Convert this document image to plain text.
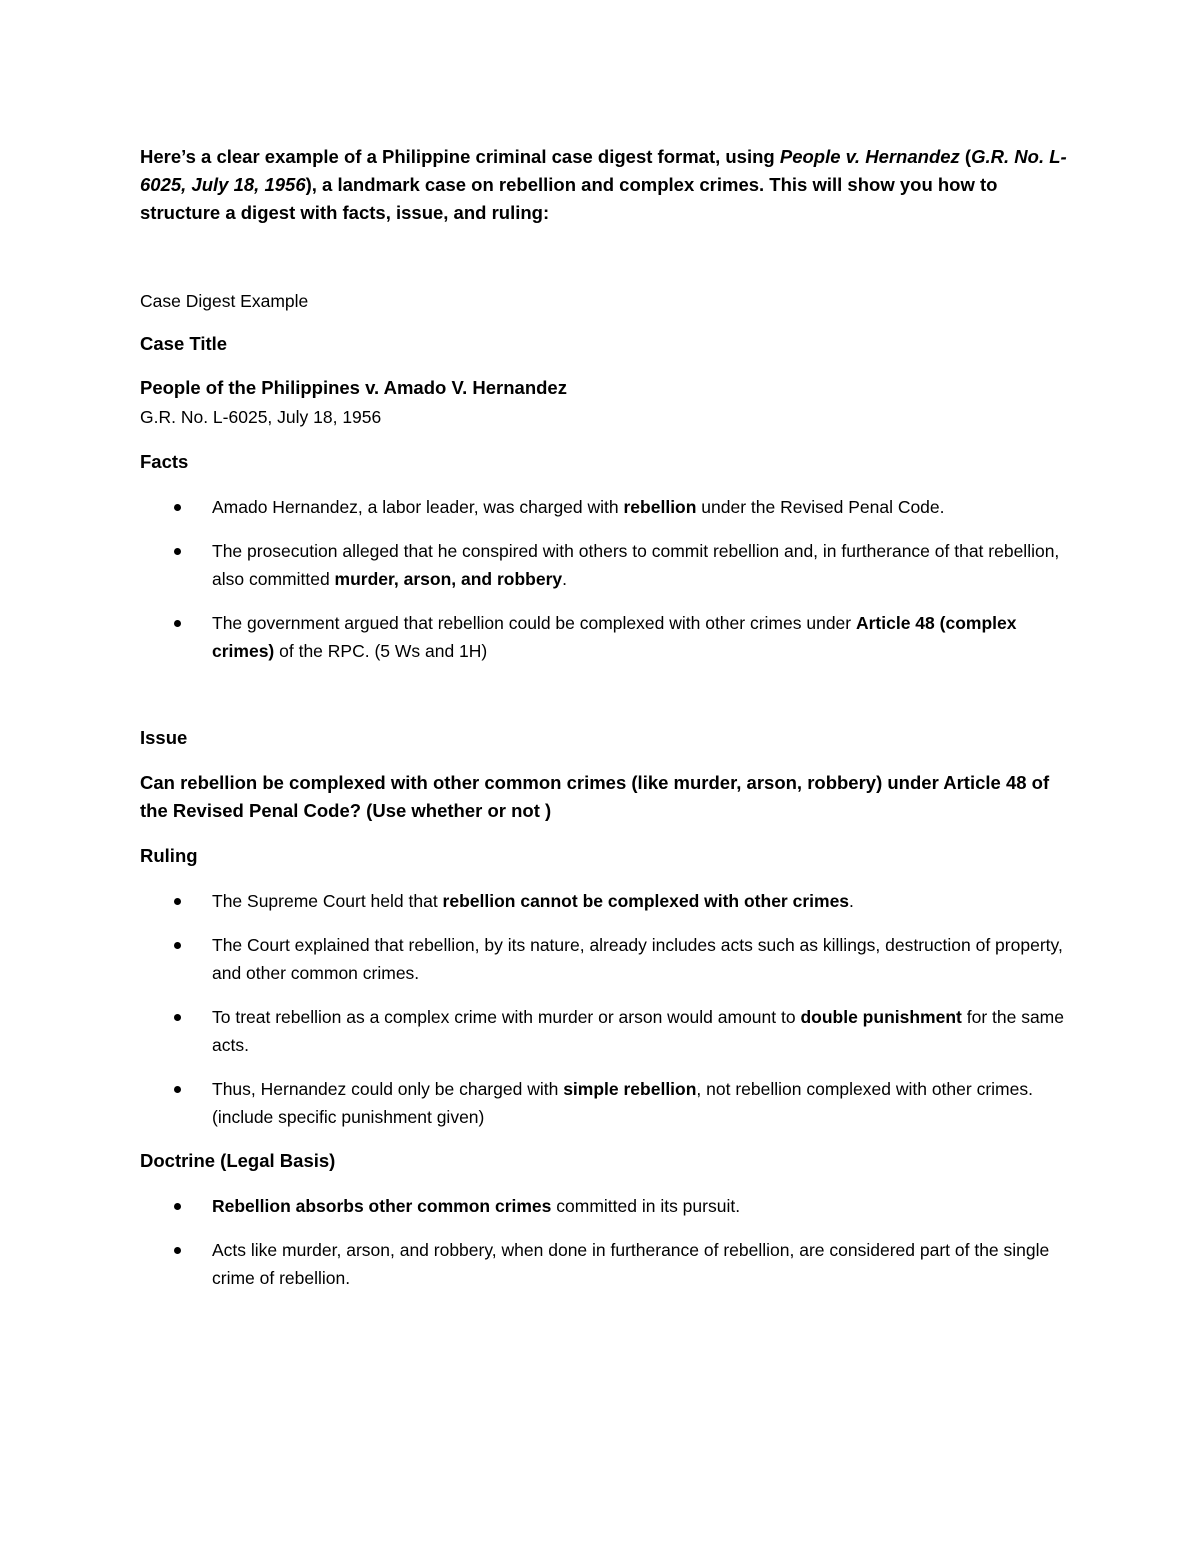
Here’s a clear example of a Philippine criminal case digest format, using People v. Hernandez (G.R. No. L-6025, July 18, 1956), a landmark case on rebellion and complex crimes. This will show you how to structure a digest with facts, issue, and ruling:

Case Digest Example

Case Title

People of the Philippines v. Amado V. Hernandez

G.R. No. L-6025, July 18, 1956

Facts

Amado Hernandez, a labor leader, was charged with rebellion under the Revised Penal Code.
The prosecution alleged that he conspired with others to commit rebellion and, in furtherance of that rebellion, also committed murder, arson, and robbery.
The government argued that rebellion could be complexed with other crimes under Article 48 (complex crimes) of the RPC. (5 Ws and 1H)

Issue

Can rebellion be complexed with other common crimes (like murder, arson, robbery) under Article 48 of the Revised Penal Code? (Use whether or not )

Ruling

The Supreme Court held that rebellion cannot be complexed with other crimes.
The Court explained that rebellion, by its nature, already includes acts such as killings, destruction of property, and other common crimes.
To treat rebellion as a complex crime with murder or arson would amount to double punishment for the same acts.
Thus, Hernandez could only be charged with simple rebellion, not rebellion complexed with other crimes. (include specific punishment given)

Doctrine (Legal Basis)

Rebellion absorbs other common crimes committed in its pursuit.
Acts like murder, arson, and robbery, when done in furtherance of rebellion, are considered part of the single crime of rebellion.
